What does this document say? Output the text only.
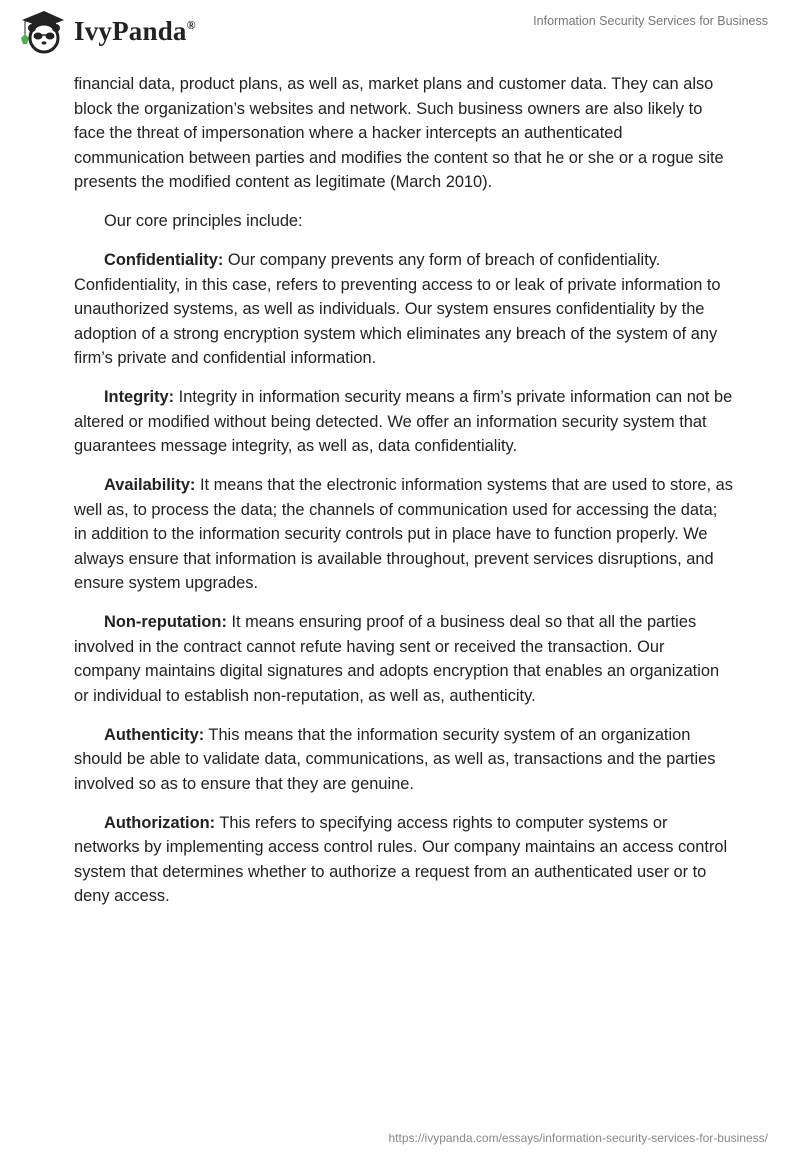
IvyPanda®	Information Security Services for Business

financial data, product plans, as well as, market plans and customer data. They can also block the organization’s websites and network. Such business owners are also likely to face the threat of impersonation where a hacker intercepts an authenticated communication between parties and modifies the content so that he or she or a rogue site presents the modified content as legitimate (March 2010).

Our core principles include:

Confidentiality: Our company prevents any form of breach of confidentiality. Confidentiality, in this case, refers to preventing access to or leak of private information to unauthorized systems, as well as individuals. Our system ensures confidentiality by the adoption of a strong encryption system which eliminates any breach of the system of any firm’s private and confidential information.

Integrity: Integrity in information security means a firm’s private information can not be altered or modified without being detected. We offer an information security system that guarantees message integrity, as well as, data confidentiality.

Availability: It means that the electronic information systems that are used to store, as well as, to process the data; the channels of communication used for accessing the data; in addition to the information security controls put in place have to function properly. We always ensure that information is available throughout, prevent services disruptions, and ensure system upgrades.

Non-reputation: It means ensuring proof of a business deal so that all the parties involved in the contract cannot refute having sent or received the transaction. Our company maintains digital signatures and adopts encryption that enables an organization or individual to establish non-reputation, as well as, authenticity.

Authenticity: This means that the information security system of an organization should be able to validate data, communications, as well as, transactions and the parties involved so as to ensure that they are genuine.

Authorization: This refers to specifying access rights to computer systems or networks by implementing access control rules. Our company maintains an access control system that determines whether to authorize a request from an authenticated user or to deny access.

https://ivypanda.com/essays/information-security-services-for-business/
